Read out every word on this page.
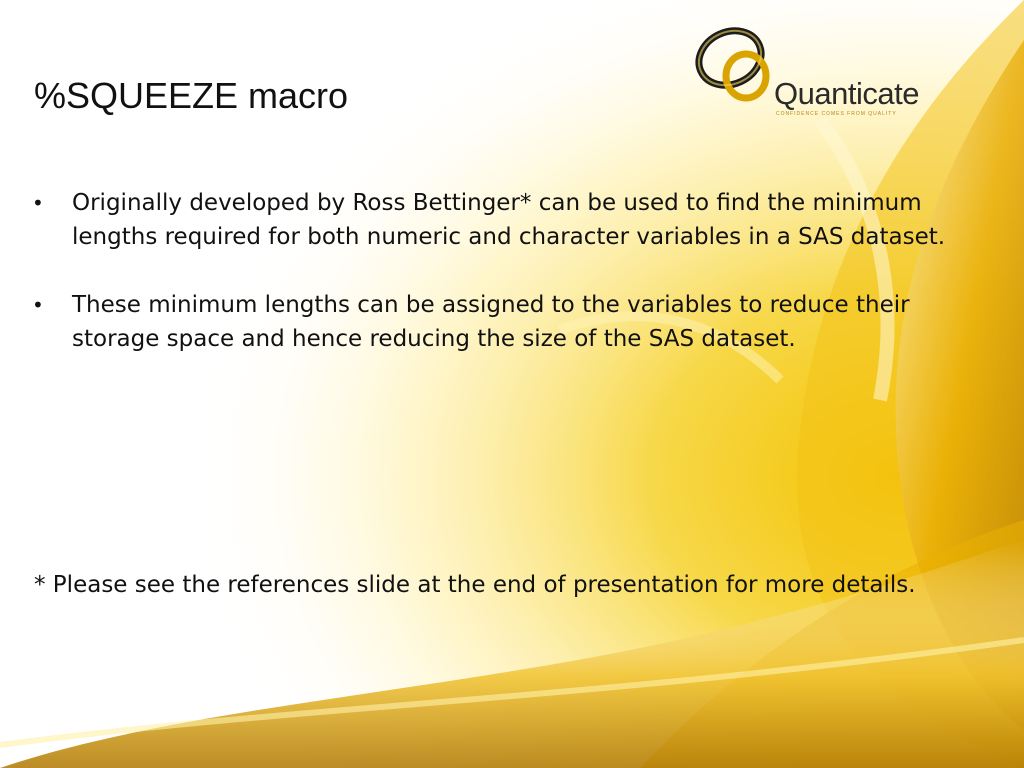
Quanticate
CONFIDENCE COMES FROM QUALITY
%SQUEEZE macro
• Originally developed by Ross Bettinger* can be used to find the minimum lengths required for both numeric and character variables in a SAS dataset.
• These minimum lengths can be assigned to the variables to reduce their storage space and hence reducing the size of the SAS dataset.

* Please see the references slide at the end of presentation for more details.
